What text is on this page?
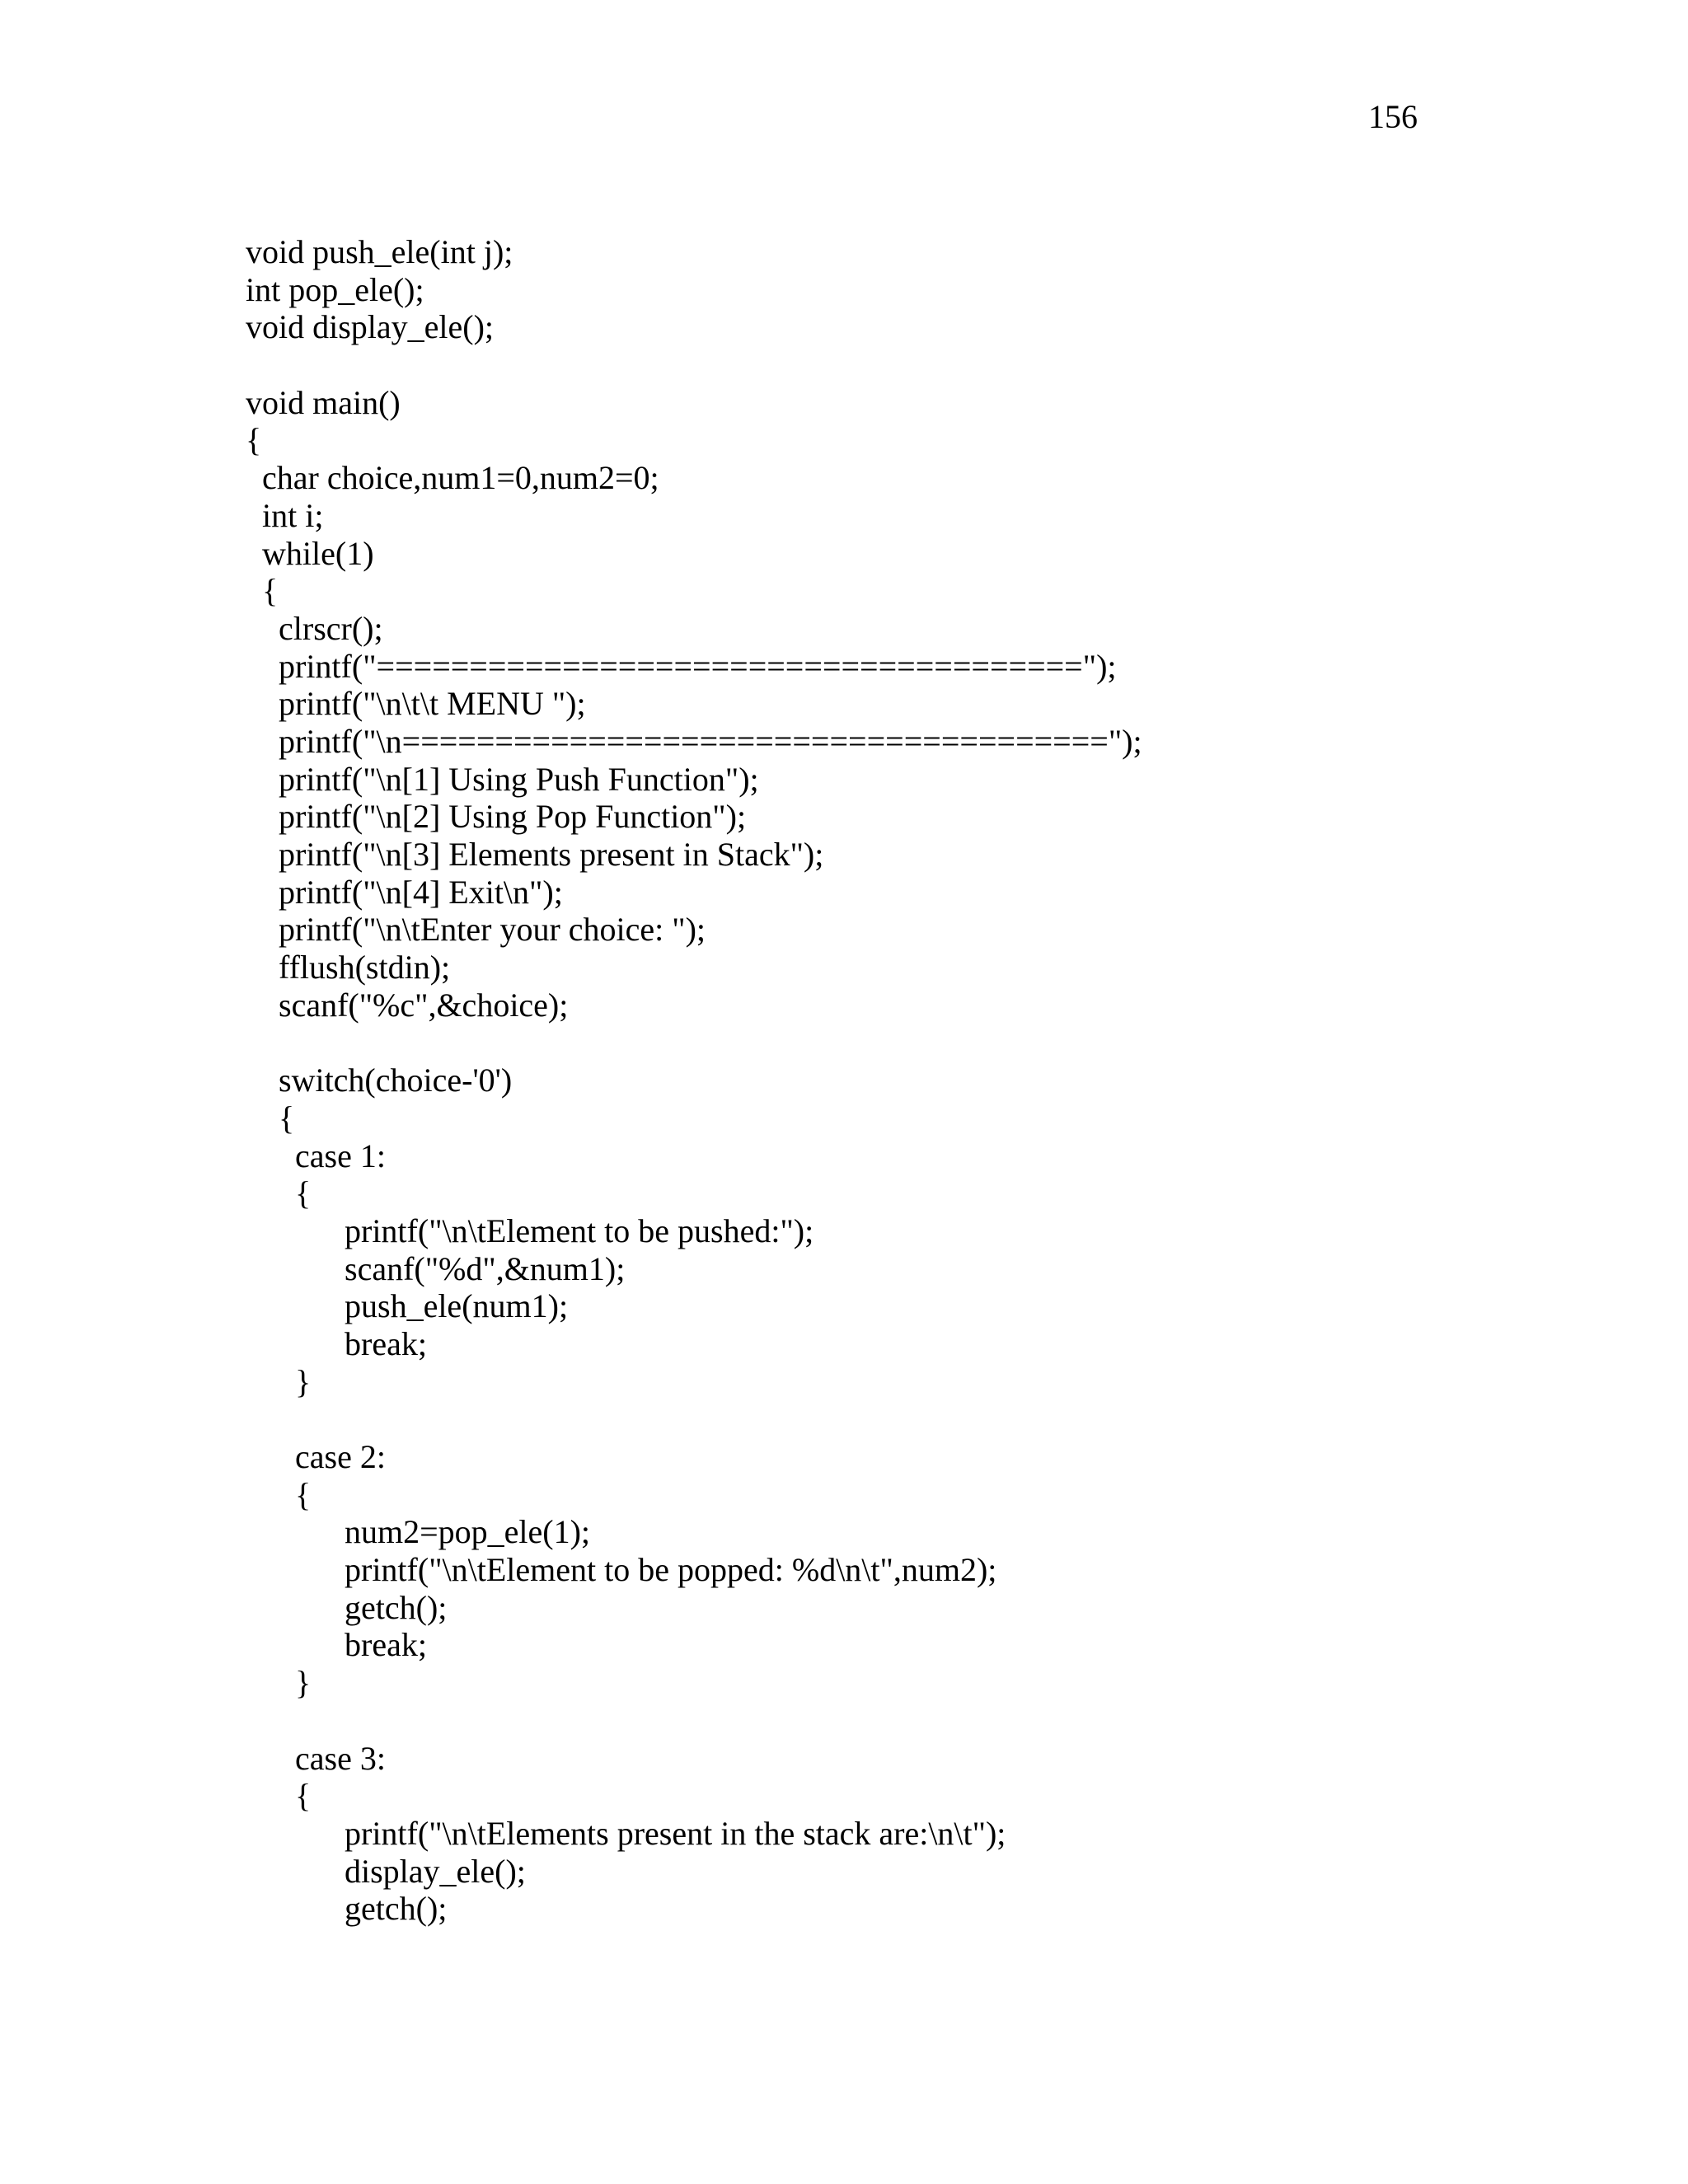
156
void push_ele(int j);
int pop_ele();
void display_ele();
void main()
{
char choice,num1=0,num2=0;
int i;
while(1)
{
clrscr();
printf("======================================");
printf("\n\t\t MENU ");
printf("\n======================================");
printf("\n[1] Using Push Function");
printf("\n[2] Using Pop Function");
printf("\n[3] Elements present in Stack");
printf("\n[4] Exit\n");
printf("\n\tEnter your choice: ");
fflush(stdin);
scanf("%c",&choice);
switch(choice-'0')
{
case 1:
{
printf("\n\tElement to be pushed:");
scanf("%d",&num1);
push_ele(num1);
break;
}
case 2:
{
num2=pop_ele(1);
printf("\n\tElement to be popped: %d\n\t",num2);
getch();
break;
}
case 3:
{
printf("\n\tElements present in the stack are:\n\t");
display_ele();
getch();
